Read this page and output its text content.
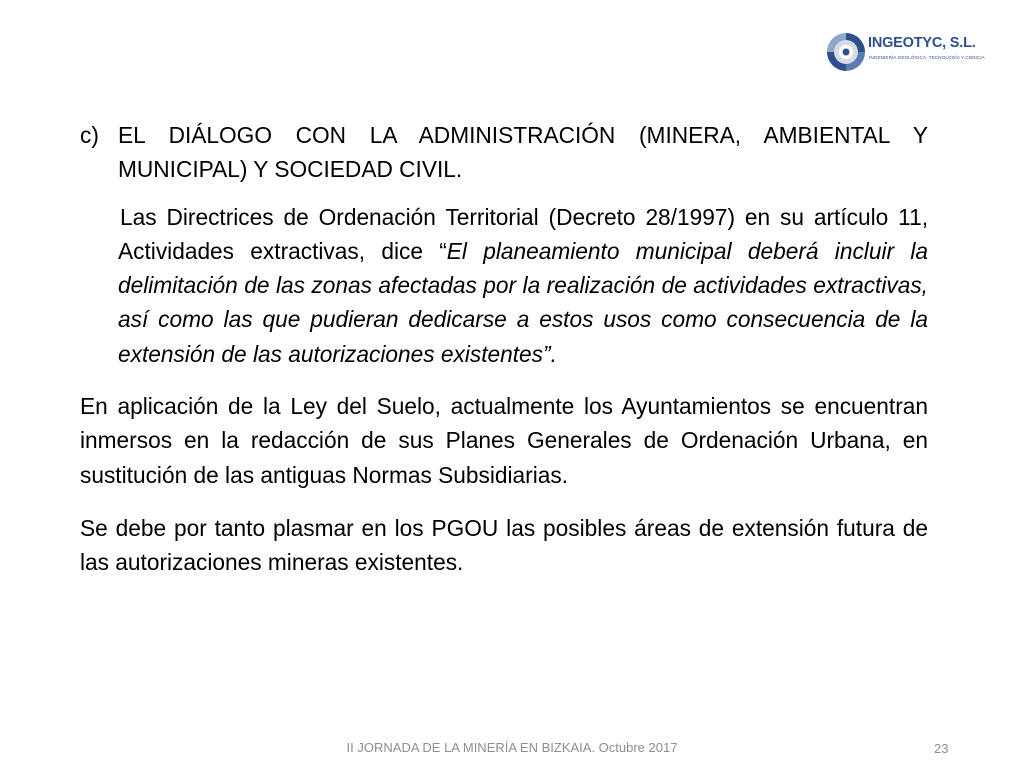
INGEOTYC, S.L.
INGENIERÍA GEOLÓGICA, TECNOLOGÍA Y CIENCIA

c) EL DIÁLOGO CON LA ADMINISTRACIÓN (MINERA, AMBIENTAL Y MUNICIPAL) Y SOCIEDAD CIVIL.

Las Directrices de Ordenación Territorial (Decreto 28/1997) en su artículo 11, Actividades extractivas, dice “El planeamiento municipal deberá incluir la delimitación de las zonas afectadas por la realización de actividades extractivas, así como las que pudieran dedicarse a estos usos como consecuencia de la extensión de las autorizaciones existentes”.

En aplicación de la Ley del Suelo, actualmente los Ayuntamientos se encuentran inmersos en la redacción de sus Planes Generales de Ordenación Urbana, en sustitución de las antiguas Normas Subsidiarias.

Se debe por tanto plasmar en los PGOU las posibles áreas de extensión futura de las autorizaciones mineras existentes.

II JORNADA DE LA MINERÍA EN BIZKAIA. Octubre 2017	23
